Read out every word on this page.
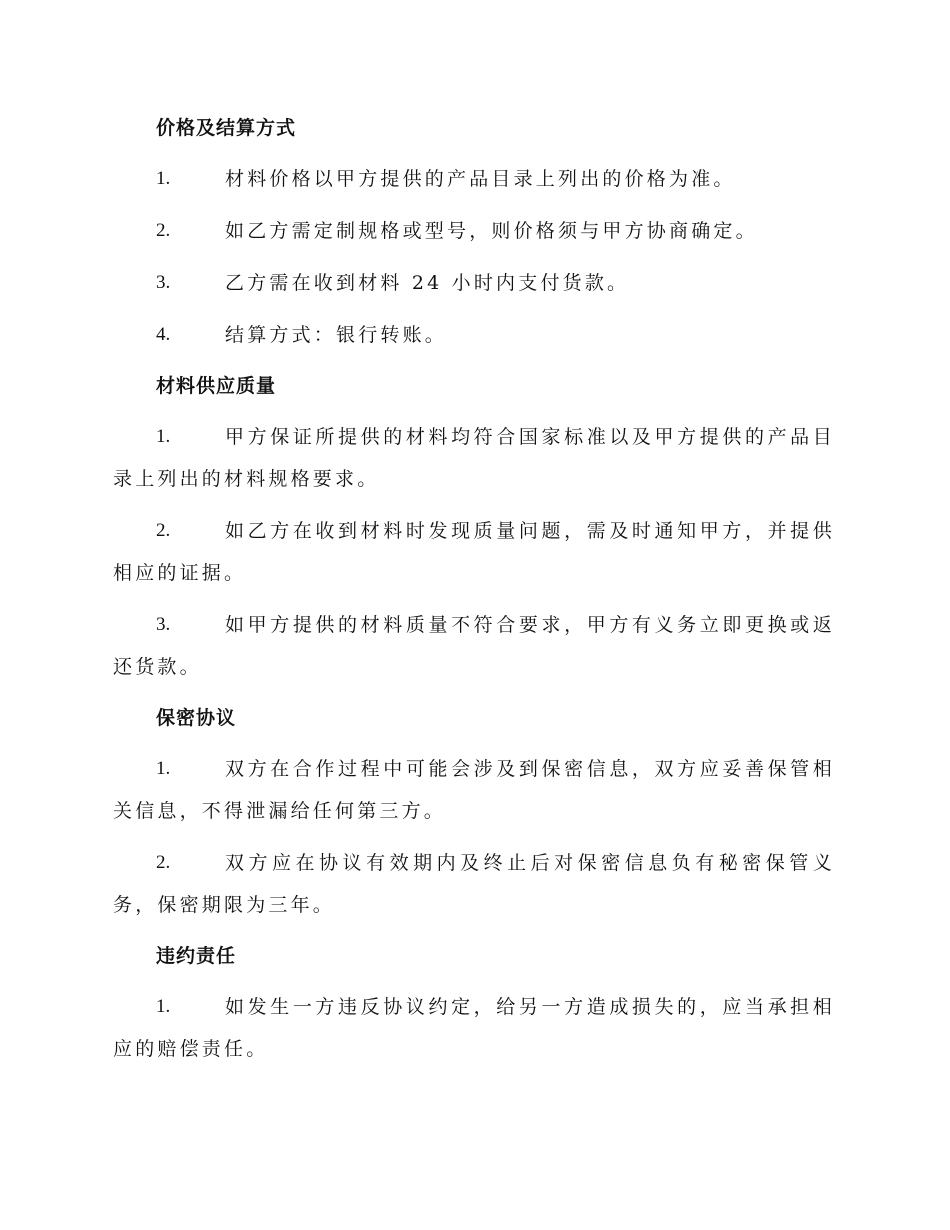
价格及结算方式
1.	材料价格以甲方提供的产品目录上列出的价格为准。
2.	如乙方需定制规格或型号，则价格须与甲方协商确定。
3.	乙方需在收到材料 24 小时内支付货款。
4.	结算方式：银行转账。
材料供应质量
1.	甲方保证所提供的材料均符合国家标准以及甲方提供的产品目录上列出的材料规格要求。
2.	如乙方在收到材料时发现质量问题，需及时通知甲方，并提供相应的证据。
3.	如甲方提供的材料质量不符合要求，甲方有义务立即更换或返还货款。
保密协议
1.	双方在合作过程中可能会涉及到保密信息，双方应妥善保管相关信息，不得泄漏给任何第三方。
2.	双方应在协议有效期内及终止后对保密信息负有秘密保管义务，保密期限为三年。
违约责任
1.	如发生一方违反协议约定，给另一方造成损失的，应当承担相应的赔偿责任。
